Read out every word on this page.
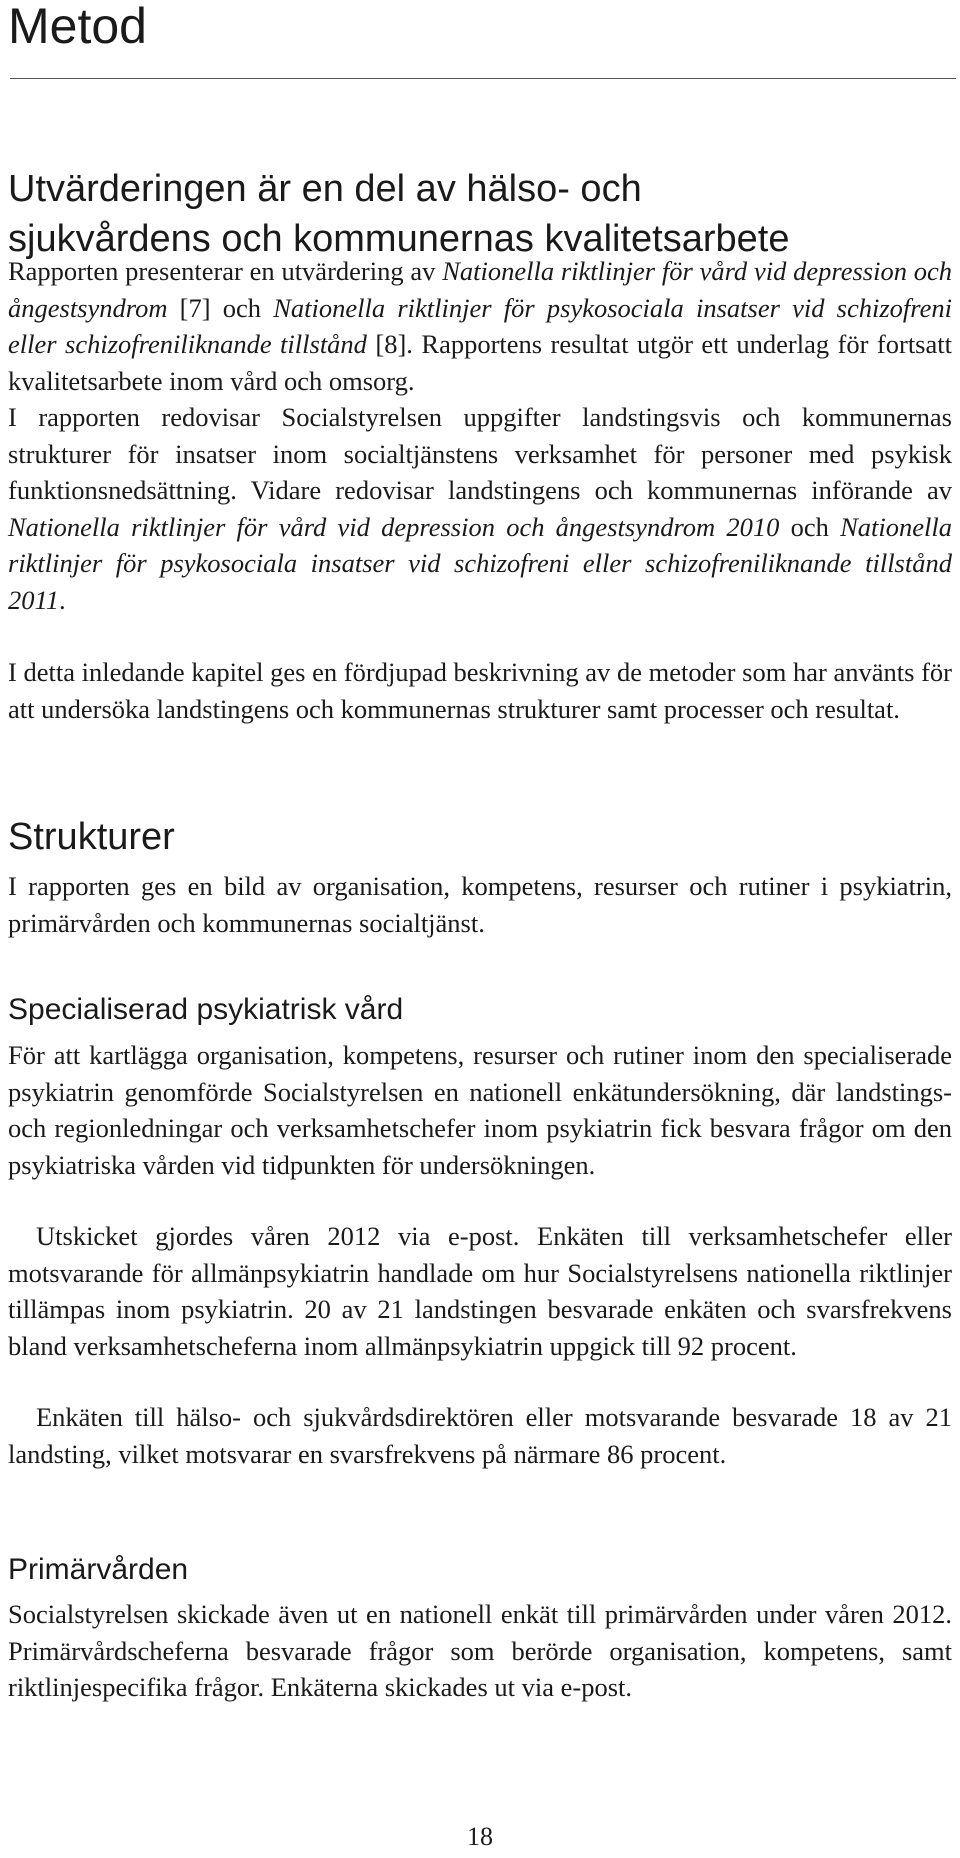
Metod
Utvärderingen är en del av hälso- och
sjukvårdens och kommunernas kvalitetsarbete

Rapporten presenterar en utvärdering av Nationella riktlinjer för vård vid depression och ångestsyndrom [7] och Nationella riktlinjer för psykosociala insatser vid schizofreni eller schizofreniliknande tillstånd [8]. Rapportens resultat utgör ett underlag för fortsatt kvalitetsarbete inom vård och omsorg.

I rapporten redovisar Socialstyrelsen uppgifter landstingsvis och kommunernas strukturer för insatser inom socialtjänstens verksamhet för personer med psykisk funktionsnedsättning. Vidare redovisar landstingens och kommunernas införande av Nationella riktlinjer för vård vid depression och ångestsyndrom 2010 och Nationella riktlinjer för psykosociala insatser vid schizofreni eller schizofreniliknande tillstånd 2011.

I detta inledande kapitel ges en fördjupad beskrivning av de metoder som har använts för att undersöka landstingens och kommunernas strukturer samt processer och resultat.

Strukturer

I rapporten ges en bild av organisation, kompetens, resurser och rutiner i psykiatrin, primärvården och kommunernas socialtjänst.

Specialiserad psykiatrisk vård

För att kartlägga organisation, kompetens, resurser och rutiner inom den specialiserade psykiatrin genomförde Socialstyrelsen en nationell enkätundersökning, där landstings- och regionledningar och verksamhetschefer inom psykiatrin fick besvara frågor om den psykiatriska vården vid tidpunkten för undersökningen.

Utskicket gjordes våren 2012 via e-post. Enkäten till verksamhetschefer eller motsvarande för allmänpsykiatrin handlade om hur Socialstyrelsens nationella riktlinjer tillämpas inom psykiatrin. 20 av 21 landstingen besvarade enkäten och svarsfrekvens bland verksamhetscheferna inom allmänpsykiatrin uppgick till 92 procent.

Enkäten till hälso- och sjukvårdsdirektören eller motsvarande besvarade 18 av 21 landsting, vilket motsvarar en svarsfrekvens på närmare 86 procent.

Primärvården

Socialstyrelsen skickade även ut en nationell enkät till primärvården under våren 2012. Primärvårdscheferna besvarade frågor som berörde organisation, kompetens, samt riktlinjespecifika frågor. Enkäterna skickades ut via e-post.

18
